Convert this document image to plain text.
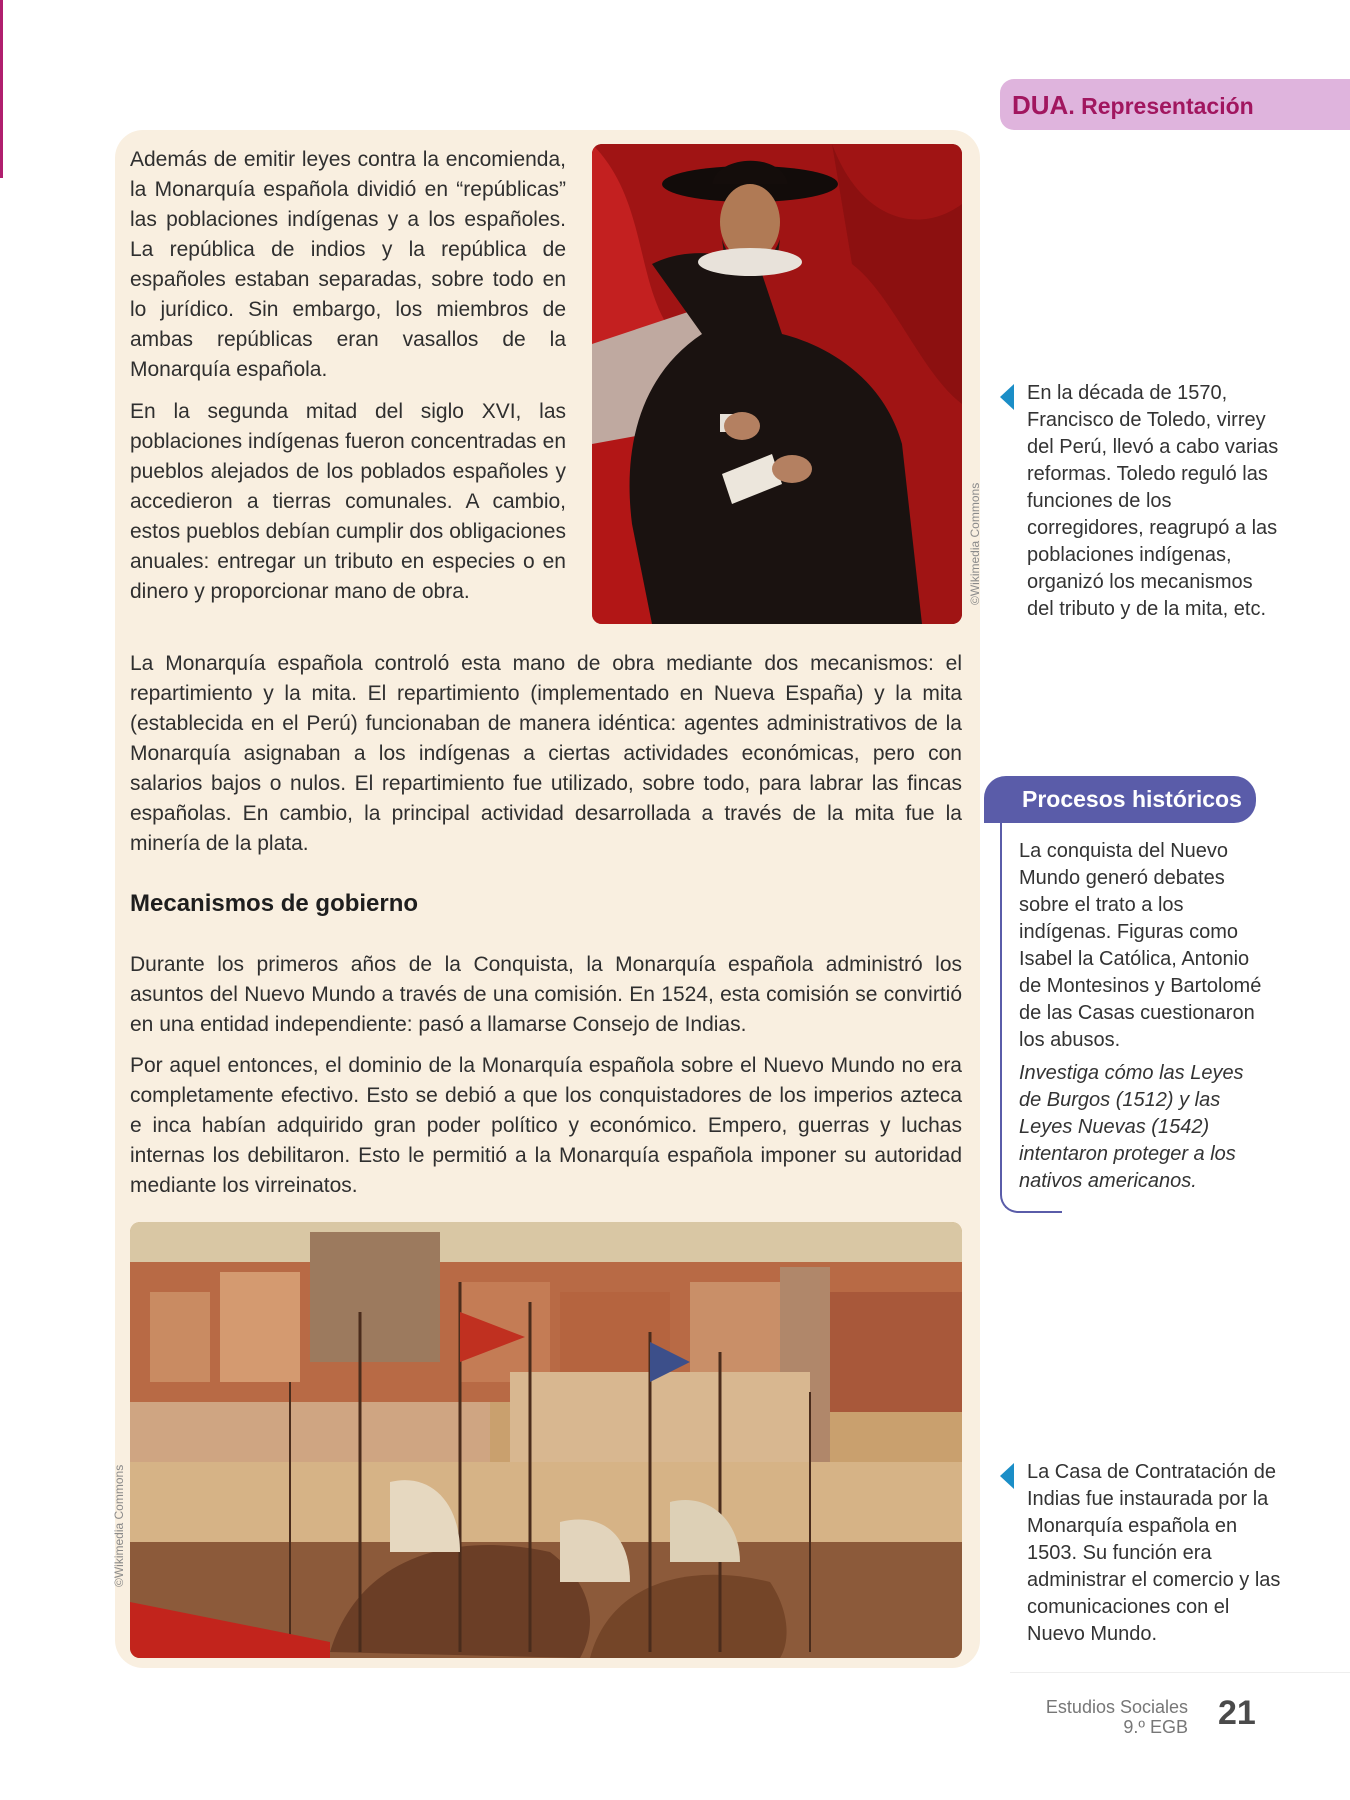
DUA. Representación

Además de emitir leyes contra la encomienda, la Monarquía española dividió en “repúblicas” las poblaciones indígenas y a los españoles. La república de indios y la república de españoles estaban separadas, sobre todo en lo jurídico. Sin embargo, los miembros de ambas repúblicas eran vasallos de la Monarquía española.

En la segunda mitad del siglo XVI, las poblaciones indígenas fueron concentradas en pueblos alejados de los poblados españoles y accedieron a tierras comunales. A cambio, estos pueblos debían cumplir dos obligaciones anuales: entregar un tributo en especies o en dinero y proporcionar mano de obra.	©Wikimedia Commons

La Monarquía española controló esta mano de obra mediante dos mecanismos: el repartimiento y la mita. El repartimiento (implementado en Nueva España) y la mita (establecida en el Perú) funcionaban de manera idéntica: agentes administrativos de la Monarquía asignaban a los indígenas a ciertas actividades económicas, pero con salarios bajos o nulos. El repartimiento fue utilizado, sobre todo, para labrar las fincas españolas. En cambio, la principal actividad desarrollada a través de la mita fue la minería de la plata.

Mecanismos de gobierno

Durante los primeros años de la Conquista, la Monarquía española administró los asuntos del Nuevo Mundo a través de una comisión. En 1524, esta comisión se convirtió en una entidad independiente: pasó a llamarse Consejo de Indias.

Por aquel entonces, el dominio de la Monarquía española sobre el Nuevo Mundo no era completamente efectivo. Esto se debió a que los conquistadores de los imperios azteca e inca habían adquirido gran poder político y económico. Empero, guerras y luchas internas los debilitaron. Esto le permitió a la Monarquía española imponer su autoridad mediante los virreinatos.

©Wikimedia Commons

En la década de 1570, Francisco de Toledo, virrey del Perú, llevó a cabo varias reformas. Toledo reguló las funciones de los corregidores, reagrupó a las poblaciones indígenas, organizó los mecanismos del tributo y de la mita, etc.

Procesos históricos
La conquista del Nuevo Mundo generó debates sobre el trato a los indígenas. Figuras como Isabel la Católica, Antonio de Montesinos y Bartolomé de las Casas cuestionaron los abusos.
Investiga cómo las Leyes de Burgos (1512) y las Leyes Nuevas (1542) intentaron proteger a los nativos americanos.

La Casa de Contratación de Indias fue instaurada por la Monarquía española en 1503. Su función era administrar el comercio y las comunicaciones con el Nuevo Mundo.

Estudios Sociales
9.º EGB 21
